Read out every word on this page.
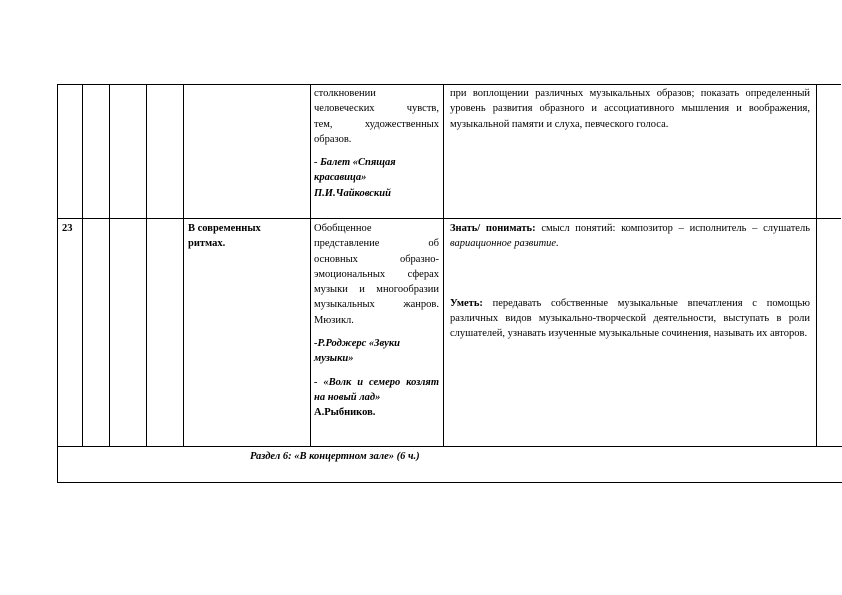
столкновении

человеческих чувств,

тем, художественных

образов.

- Балет «Спящая

красавица»

П.И.Чайковский

при воплощении различных музыкальных образов; показать определенный уровень развития образного и ассоциативного мышления и воображения, музыкальной памяти и слуха, певческого голоса.
23	В современных ритмах.

Обобщенное представление об основных образно-эмоциональных сферах музыки и многообразии музыкальных жанров. Мюзикл.

-Р.Роджерс «Звуки музыки»

- «Волк и семеро козлят на новый лад»

А.Рыбников.

Знать/ понимать: смысл понятий: композитор – исполнитель – слушатель вариационное развитие.

Уметь: передавать собственные музыкальные впечатления с помощью различных видов музыкально-творческой деятельности, выступать в роли слушателей, узнавать изученные музыкальные сочинения, называть их авторов.

Раздел 6: «В концертном зале» (6 ч.)
